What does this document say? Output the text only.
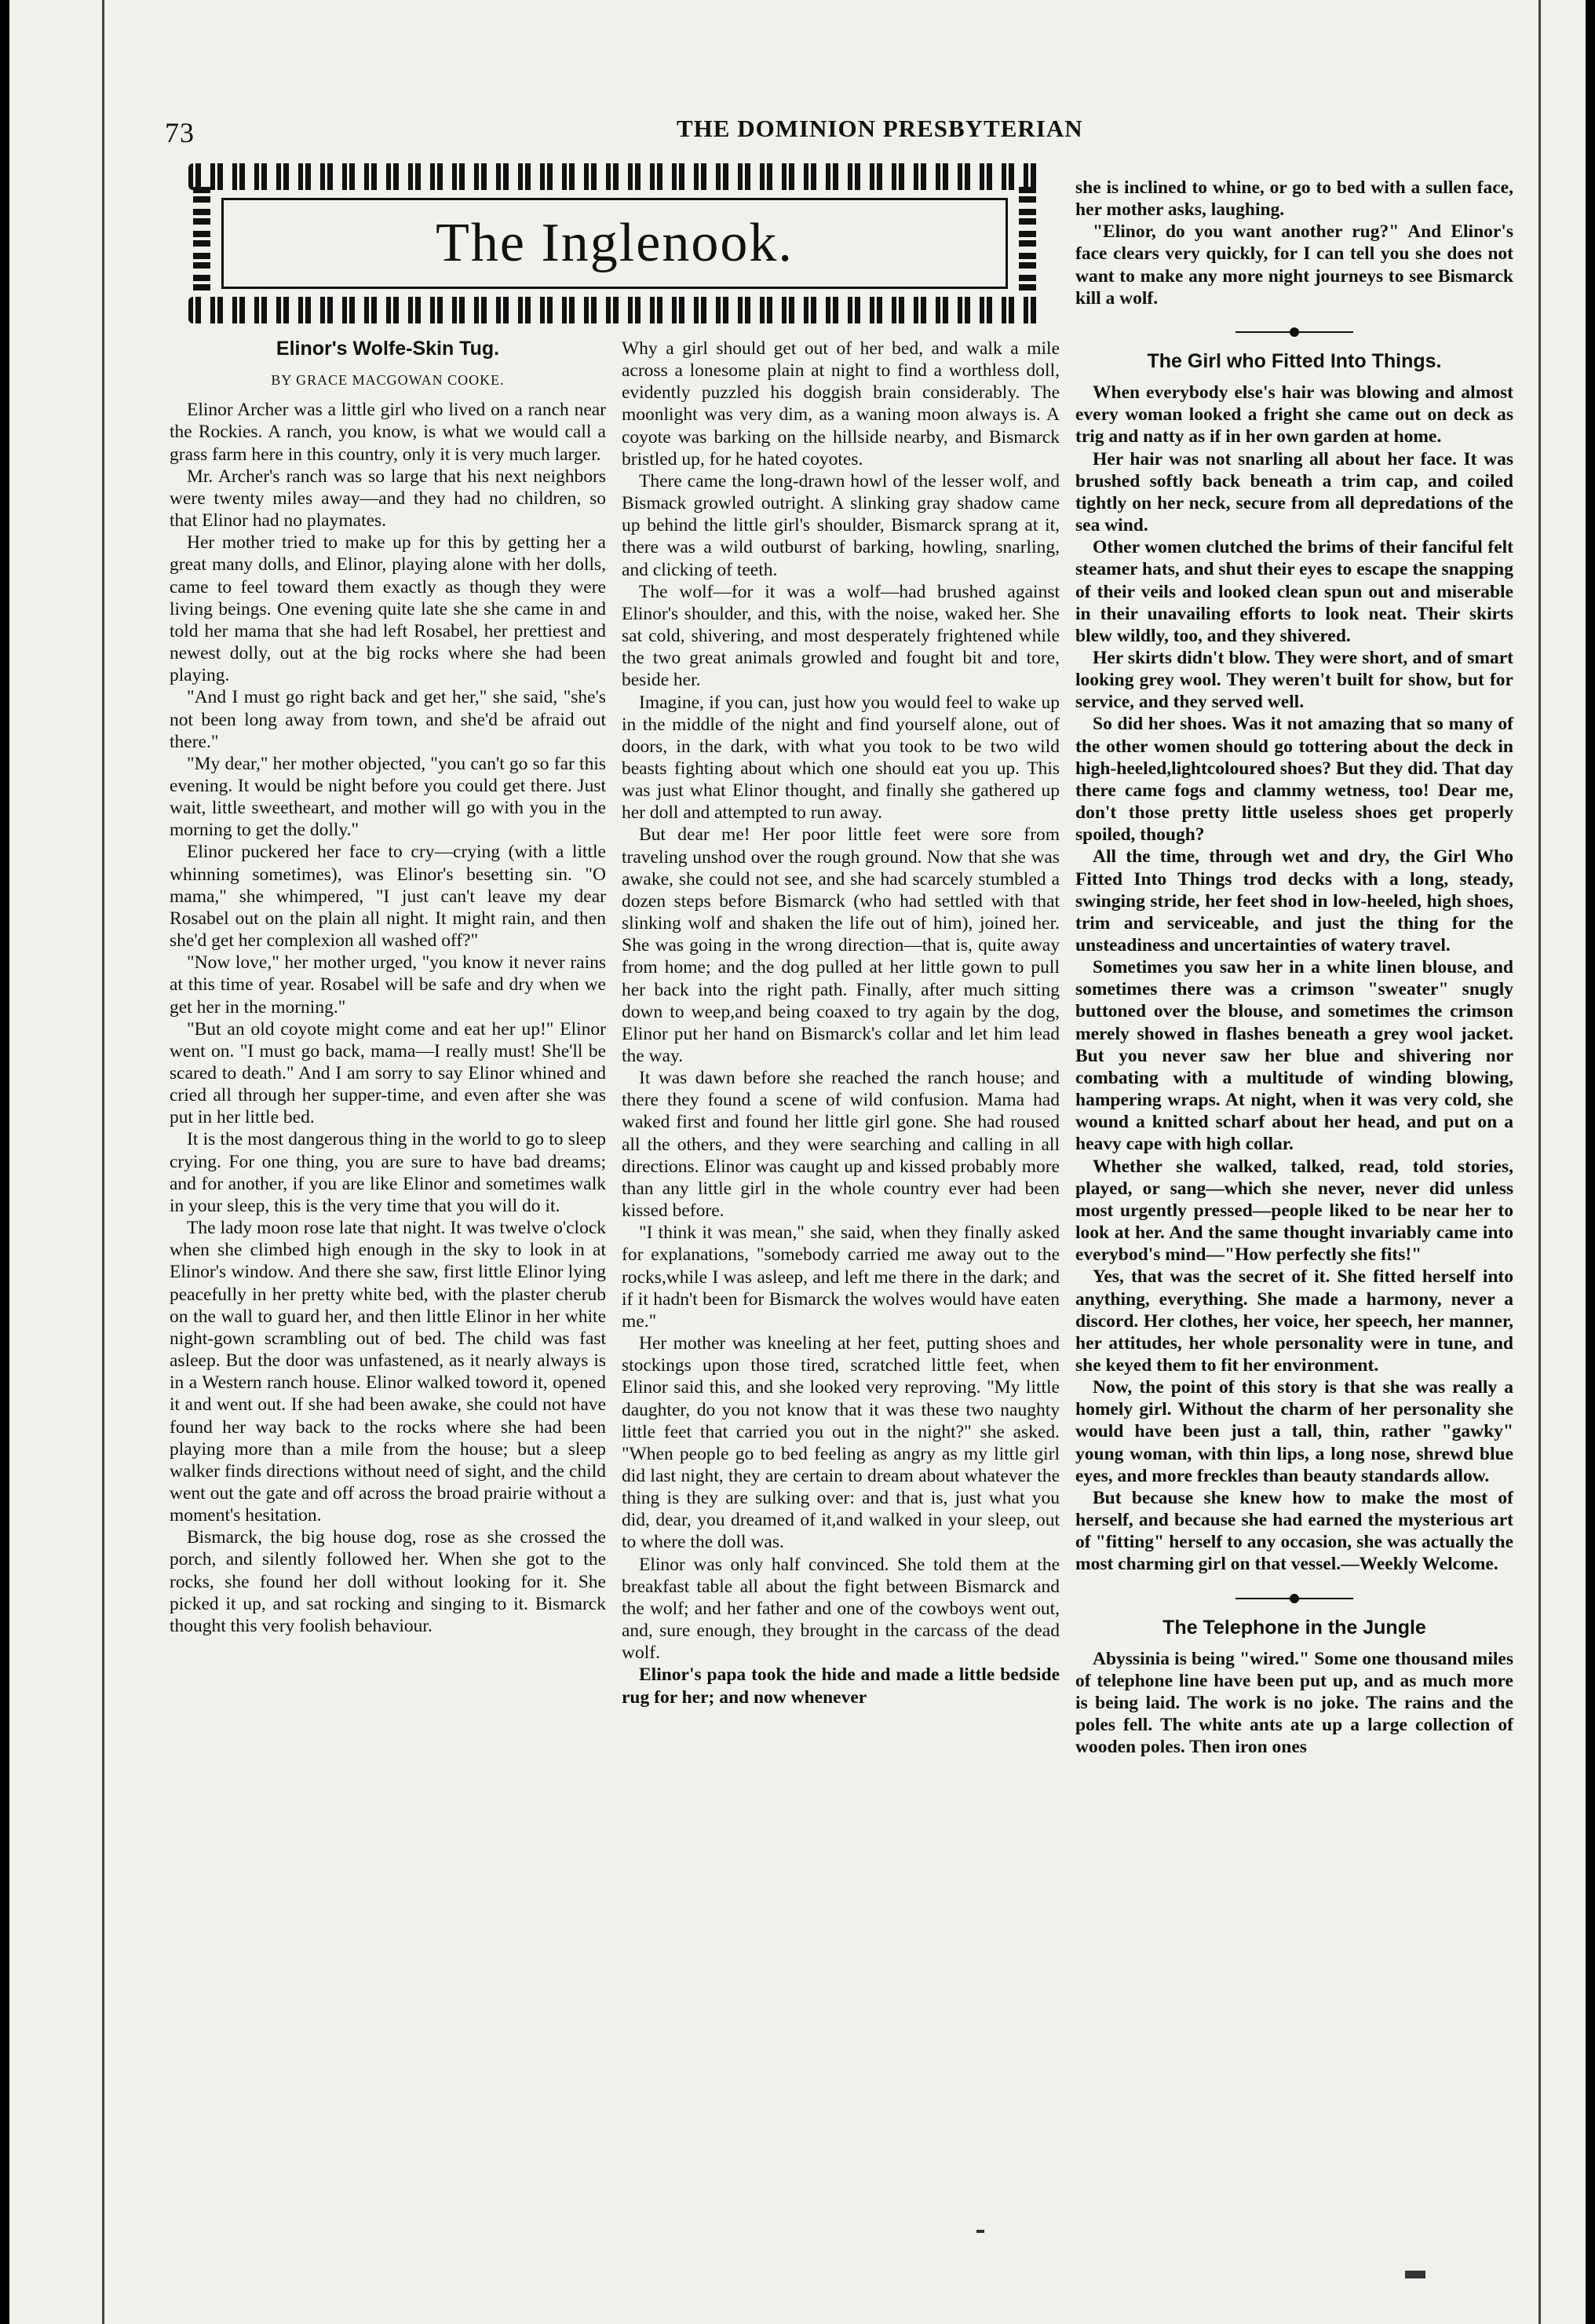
73	THE DOMINION PRESBYTERIAN
The Inglenook.
Elinor's Wolfe-Skin Tug.
BY GRACE MACGOWAN COOKE.

Elinor Archer was a little girl who lived on a ranch near the Rockies. A ranch, you know, is what we would call a grass farm here in this country, only it is very much larger.

Mr. Archer's ranch was so large that his next neighbors were twenty miles away—and they had no children, so that Elinor had no playmates.

Her mother tried to make up for this by getting her a great many dolls, and Elinor, playing alone with her dolls, came to feel toward them exactly as though they were living beings. One evening quite late she she came in and told her mama that she had left Rosabel, her prettiest and newest dolly, out at the big rocks where she had been playing.

"And I must go right back and get her," she said, "she's not been long away from town, and she'd be afraid out there."

"My dear," her mother objected, "you can't go so far this evening. It would be night before you could get there. Just wait, little sweetheart, and mother will go with you in the morning to get the dolly."

Elinor puckered her face to cry—crying (with a little whinning sometimes), was Elinor's besetting sin. "O mama," she whimpered, "I just can't leave my dear Rosabel out on the plain all night. It might rain, and then she'd get her complexion all washed off?"

"Now love," her mother urged, "you know it never rains at this time of year. Rosabel will be safe and dry when we get her in the morning."

"But an old coyote might come and eat her up!" Elinor went on. "I must go back, mama—I really must! She'll be scared to death." And I am sorry to say Elinor whined and cried all through her supper-time, and even after she was put in her little bed.

It is the most dangerous thing in the world to go to sleep crying. For one thing, you are sure to have bad dreams; and for another, if you are like Elinor and sometimes walk in your sleep, this is the very time that you will do it.

The lady moon rose late that night. It was twelve o'clock when she climbed high enough in the sky to look in at Elinor's window. And there she saw, first little Elinor lying peacefully in her pretty white bed, with the plaster cherub on the wall to guard her, and then little Elinor in her white night-gown scrambling out of bed. The child was fast asleep. But the door was unfastened, as it nearly always is in a Western ranch house. Elinor walked toword it, opened it and went out. If she had been awake, she could not have found her way back to the rocks where she had been playing more than a mile from the house; but a sleep walker finds directions without need of sight, and the child went out the gate and off across the broad prairie without a moment's hesitation.

Bismarck, the big house dog, rose as she crossed the porch, and silently followed her. When she got to the rocks, she found her doll without looking for it. She picked it up, and sat rocking and singing to it. Bismarck thought this very foolish behaviour.

Why a girl should get out of her bed, and walk a mile across a lonesome plain at night to find a worthless doll, evidently puzzled his doggish brain considerably. The moonlight was very dim, as a waning moon always is. A coyote was barking on the hillside nearby, and Bismarck bristled up, for he hated coyotes.

There came the long-drawn howl of the lesser wolf, and Bismack growled outright. A slinking gray shadow came up behind the little girl's shoulder, Bismarck sprang at it, there was a wild outburst of barking, howling, snarling, and clicking of teeth.

The wolf—for it was a wolf—had brushed against Elinor's shoulder, and this, with the noise, waked her. She sat cold, shivering, and most desperately frightened while the two great animals growled and fought bit and tore, beside her.

Imagine, if you can, just how you would feel to wake up in the middle of the night and find yourself alone, out of doors, in the dark, with what you took to be two wild beasts fighting about which one should eat you up. This was just what Elinor thought, and finally she gathered up her doll and attempted to run away.

But dear me! Her poor little feet were sore from traveling unshod over the rough ground. Now that she was awake, she could not see, and she had scarcely stumbled a dozen steps before Bismarck (who had settled with that slinking wolf and shaken the life out of him), joined her. She was going in the wrong direction—that is, quite away from home; and the dog pulled at her little gown to pull her back into the right path. Finally, after much sitting down to weep,and being coaxed to try again by the dog, Elinor put her hand on Bismarck's collar and let him lead the way.

It was dawn before she reached the ranch house; and there they found a scene of wild confusion. Mama had waked first and found her little girl gone. She had roused all the others, and they were searching and calling in all directions. Elinor was caught up and kissed probably more than any little girl in the whole country ever had been kissed before.

"I think it was mean," she said, when they finally asked for explanations, "somebody carried me away out to the rocks,while I was asleep, and left me there in the dark; and if it hadn't been for Bismarck the wolves would have eaten me."

Her mother was kneeling at her feet, putting shoes and stockings upon those tired, scratched little feet, when Elinor said this, and she looked very reproving. "My little daughter, do you not know that it was these two naughty little feet that carried you out in the night?" she asked. "When people go to bed feeling as angry as my little girl did last night, they are certain to dream about whatever the thing is they are sulking over: and that is, just what you did, dear, you dreamed of it,and walked in your sleep, out to where the doll was.

Elinor was only half convinced. She told them at the breakfast table all about the fight between Bismarck and the wolf; and her father and one of the cowboys went out, and, sure enough, they brought in the carcass of the dead wolf.

Elinor's papa took the hide and made a little bedside rug for her; and now whenever

she is inclined to whine, or go to bed with a sullen face, her mother asks, laughing.

"Elinor, do you want another rug?" And Elinor's face clears very quickly, for I can tell you she does not want to make any more night journeys to see Bismarck kill a wolf.

The Girl who Fitted Into Things.

When everybody else's hair was blowing and almost every woman looked a fright she came out on deck as trig and natty as if in her own garden at home.

Her hair was not snarling all about her face. It was brushed softly back beneath a trim cap, and coiled tightly on her neck, secure from all depredations of the sea wind.

Other women clutched the brims of their fanciful felt steamer hats, and shut their eyes to escape the snapping of their veils and looked clean spun out and miserable in their unavailing efforts to look neat. Their skirts blew wildly, too, and they shivered.

Her skirts didn't blow. They were short, and of smart looking grey wool. They weren't built for show, but for service, and they served well.

So did her shoes. Was it not amazing that so many of the other women should go tottering about the deck in high-heeled,lightcoloured shoes? But they did. That day there came fogs and clammy wetness, too! Dear me, don't those pretty little useless shoes get properly spoiled, though?

All the time, through wet and dry, the Girl Who Fitted Into Things trod decks with a long, steady, swinging stride, her feet shod in low-heeled, high shoes, trim and serviceable, and just the thing for the unsteadiness and uncertainties of watery travel.

Sometimes you saw her in a white linen blouse, and sometimes there was a crimson "sweater" snugly buttoned over the blouse, and sometimes the crimson merely showed in flashes beneath a grey wool jacket. But you never saw her blue and shivering nor combating with a multitude of winding blowing, hampering wraps. At night, when it was very cold, she wound a knitted scharf about her head, and put on a heavy cape with high collar.

Whether she walked, talked, read, told stories, played, or sang—which she never, never did unless most urgently pressed—people liked to be near her to look at her. And the same thought invariably came into everybod's mind—"How perfectly she fits!"

Yes, that was the secret of it. She fitted herself into anything, everything. She made a harmony, never a discord. Her clothes, her voice, her speech, her manner, her attitudes, her whole personality were in tune, and she keyed them to fit her environment.

Now, the point of this story is that she was really a homely girl. Without the charm of her personality she would have been just a tall, thin, rather "gawky" young woman, with thin lips, a long nose, shrewd blue eyes, and more freckles than beauty standards allow.

But because she knew how to make the most of herself, and because she had earned the mysterious art of "fitting" herself to any occasion, she was actually the most charming girl on that vessel.—Weekly Welcome.

The Telephone in the Jungle

Abyssinia is being "wired." Some one thousand miles of telephone line have been put up, and as much more is being laid. The work is no joke. The rains and the poles fell. The white ants ate up a large collection of wooden poles. Then iron ones
